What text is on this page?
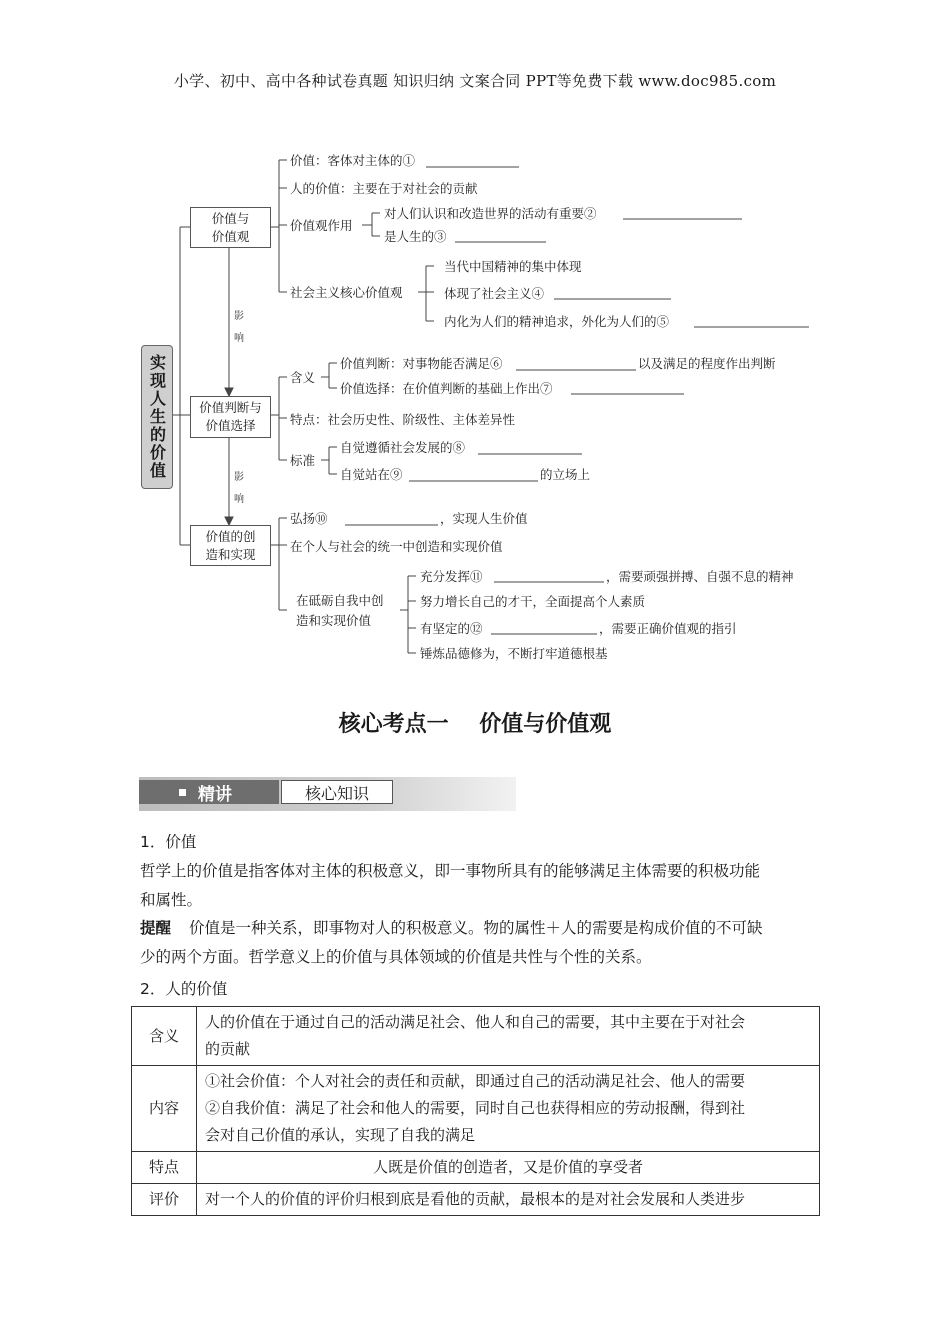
小学、初中、高中各种试卷真题 知识归纳 文案合同 PPT等免费下载 www.doc985.com
实现人生的价值
价值与
价值观
价值判断与
价值选择
价值的创
造和实现
影响
影响
价值：客体对主体的①
人的价值：主要在于对社会的贡献
价值观作用
对人们认识和改造世界的活动有重要②
是人生的③
社会主义核心价值观
当代中国精神的集中体现
体现了社会主义④
内化为人们的精神追求，外化为人们的⑤
含义
价值判断：对事物能否满足⑥	以及满足的程度作出判断
价值选择：在价值判断的基础上作出⑦
特点：社会历史性、阶级性、主体差异性
标准
自觉遵循社会发展的⑧
自觉站在⑨	的立场上
弘扬⑩	，实现人生价值
在个人与社会的统一中创造和实现价值
在砥砺自我中创
造和实现价值
充分发挥⑪	，需要顽强拼搏、自强不息的精神
努力增长自己的才干，全面提高个人素质
有坚定的⑫	，需要正确价值观的指引
锤炼品德修为，不断打牢道德根基
核心考点一    价值与价值观
精讲	核心知识
1．价值
哲学上的价值是指客体对主体的积极意义，即一事物所具有的能够满足主体需要的积极功能
和属性。
提醒 价值是一种关系，即事物对人的积极意义。物的属性＋人的需要是构成价值的不可缺
少的两个方面。哲学意义上的价值与具体领域的价值是共性与个性的关系。
2．人的价值
含义	人的价值在于通过自己的活动满足社会、他人和自己的需要，其中主要在于对社会
的贡献

内容	①社会价值：个人对社会的责任和贡献，即通过自己的活动满足社会、他人的需要
②自我价值：满足了社会和他人的需要，同时自己也获得相应的劳动报酬，得到社
会对自己价值的承认，实现了自我的满足

特点	人既是价值的创造者，又是价值的享受者

评价	对一个人的价值的评价归根到底是看他的贡献，最根本的是对社会发展和人类进步
